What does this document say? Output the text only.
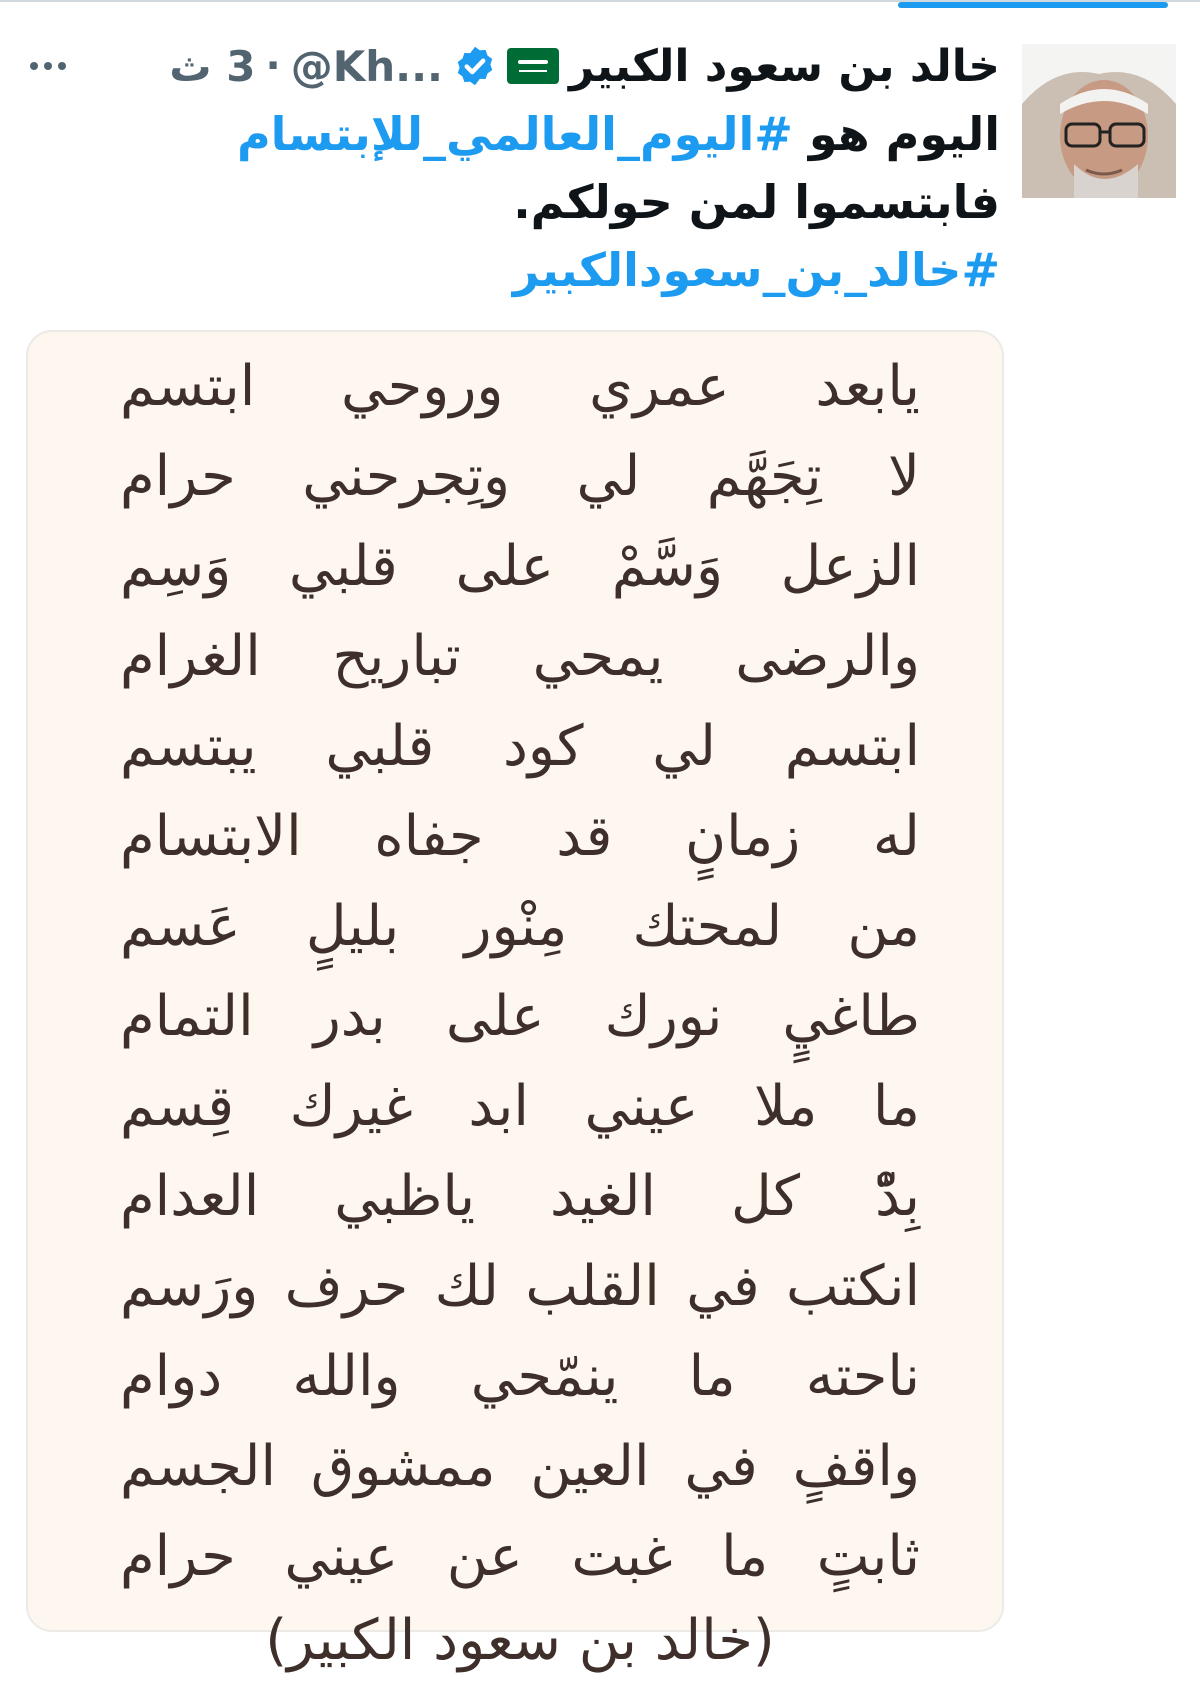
خالد بن سعود الكبير
@Kh...
·
3 ث
اليوم هو #اليوم_العالمي_للإبتسام
فابتسموا لمن حولكم.
#خالد_بن_سعودالكبير
يابعد عمري وروحي ابتسم
لا تِجَهَّم لي وتِجرحني حرام
الزعل وَسَّمْ على قلبي وَسِم
والرضى يمحي تباريح الغرام
ابتسم لي كود قلبي يبتسم
له زمانٍ قد جفاه الابتسام
من لمحتك مِنْور بليلٍ عَسم
طاغيٍ نورك على بدر التمام
ما ملا عيني ابد غيرك قِسم
بِدّْ كل الغيد ياظبي العدام
انكتب في القلب لك حرف ورَسم
ناحته ما ينمّحي والله دوام
واقفٍ في العين ممشوق الجسم
ثابتٍ ما غبت عن عيني حرام
(خالد بن سعود الكبير)
